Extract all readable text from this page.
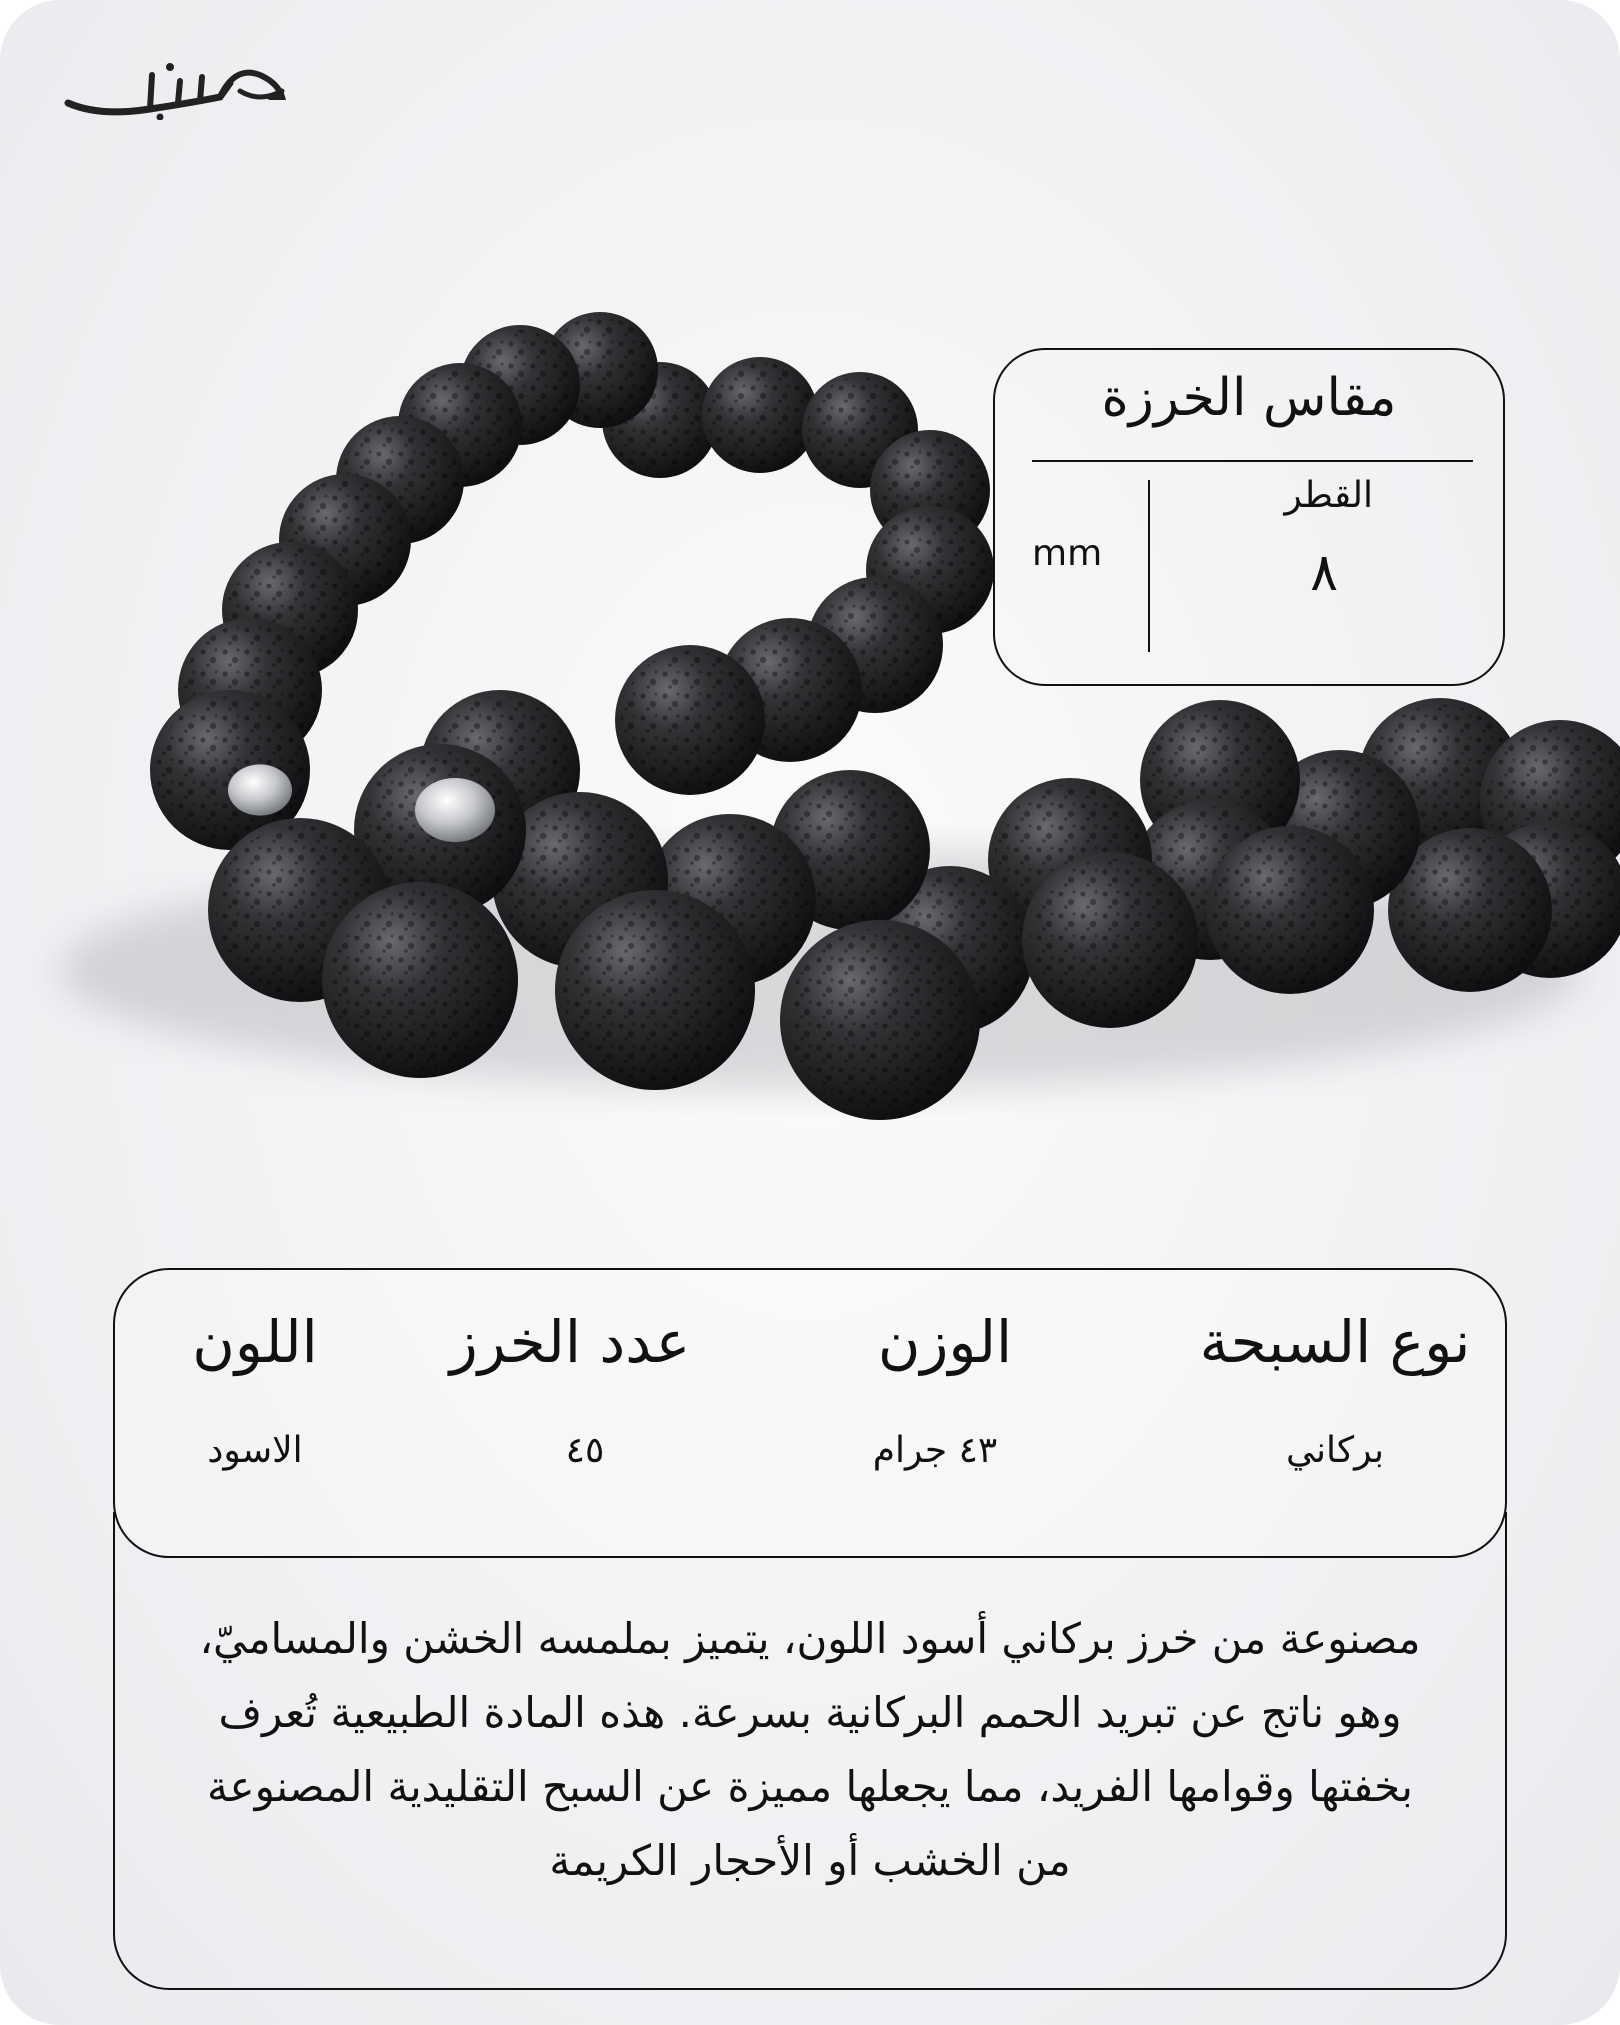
مقاس الخرزة
القطر
٨
mm
نوع السبحة
الوزن
عدد الخرز
اللون
بركاني
٤٣ جرام
٤٥
الاسود
مصنوعة من خرز بركاني أسود اللون، يتميز بملمسه الخشن والمساميّ، وهو ناتج عن تبريد الحمم البركانية بسرعة. هذه المادة الطبيعية تُعرف بخفتها وقوامها الفريد، مما يجعلها مميزة عن السبح التقليدية المصنوعة من الخشب أو الأحجار الكريمة
